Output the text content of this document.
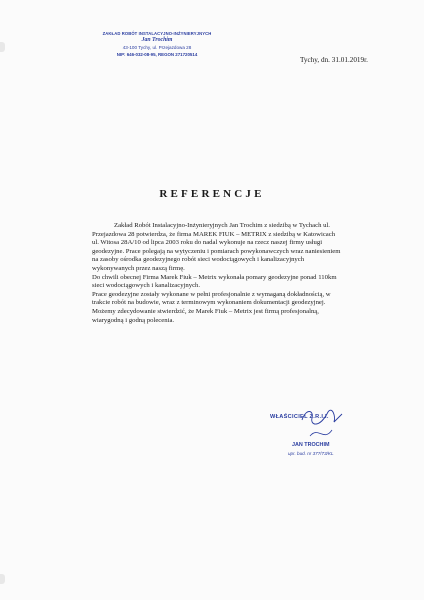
ZAKŁAD ROBÓT INSTALACYJNO-INŻYNIERYJNYCH
Jan Trochim
43-100 Tychy, ul. Przejazdowa 28
NIP: 646-032-08-95, REGON 271720514
Tychy, dn. 31.01.2019r.
REFERENCJE

Zakład Robót Instalacyjno-Inżynieryjnych Jan Trochim z siedzibą w Tychach ul. Przejazdowa 28 potwierdza, że firma MAREK FIUK – METRIX z siedzibą w Katowicach ul. Witosa 28A/10 od lipca 2003 roku do nadal wykonuje na rzecz naszej firmy usługi geodezyjne. Prace polegają na wytyczeniu i pomiarach powykonawczych wraz naniesieniem na zasoby ośrodka geodezyjnego robót sieci wodociągowych i kanalizacyjnych wykonywanych przez naszą firmę.

Do chwili obecnej Firma Marek Fiuk – Metrix wykonała pomary geodezyjne ponad 110km sieci wodociągowych i kanalizacyjnych.

Prace geodezyjne zostały wykonane w pełni profesjonalnie z wymaganą dokładnością, w trakcie robót na budowie, wraz z terminowym wykonaniem dokumentacji geodezyjnej.

Możemy zdecydowanie stwierdzić, że Marek Fiuk – Metrix jest firmą profesjonalną, wiarygodną i godną polecenia.

WŁAŚCICIEL Z.R.I.I.
JAN TROCHIM
upr. bud. nr 377/73/KL
